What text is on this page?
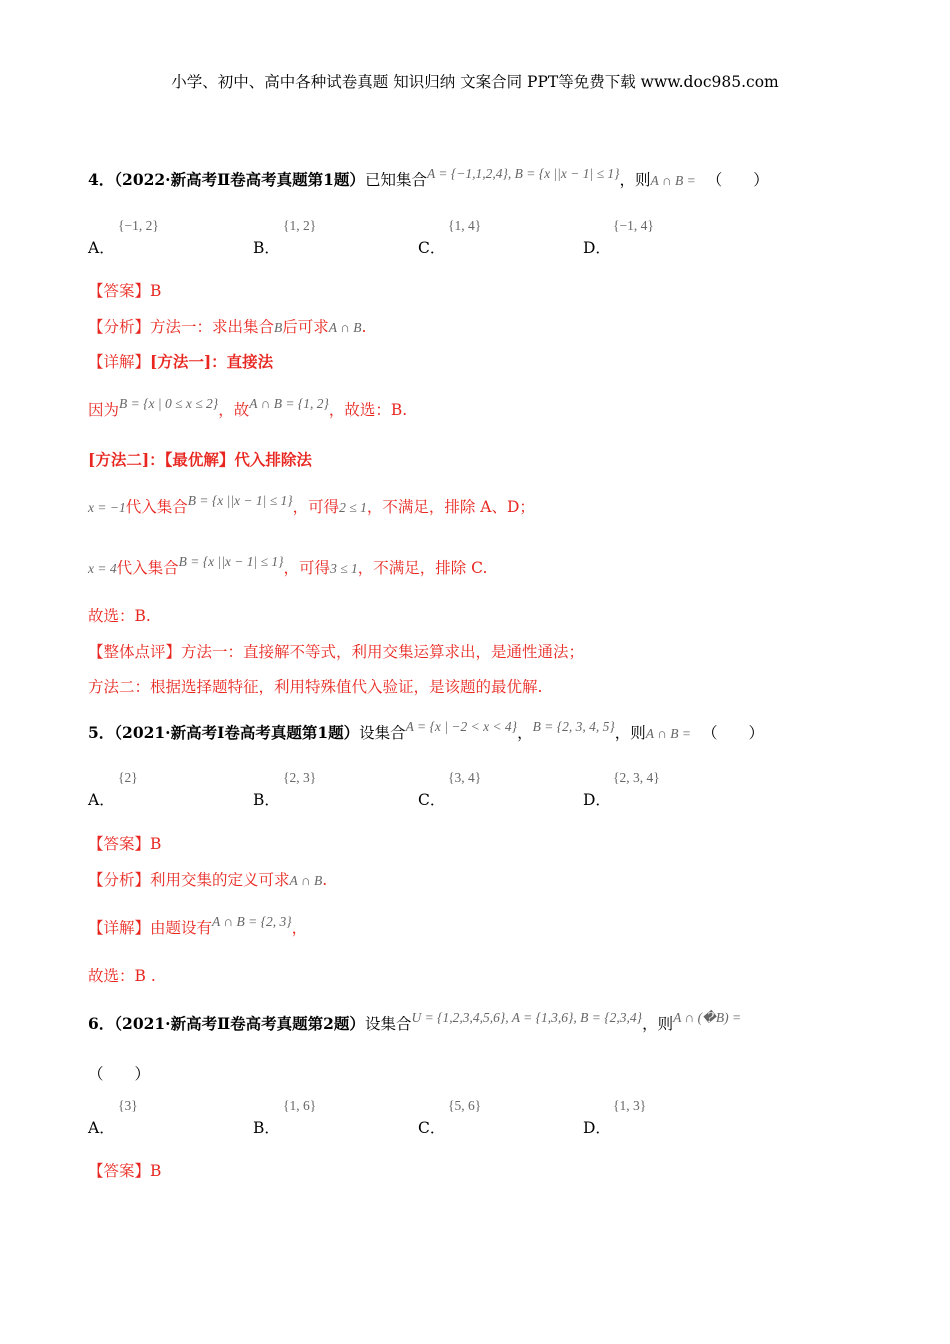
小学、初中、高中各种试卷真题 知识归纳 文案合同 PPT等免费下载 www.doc985.com
4．（2022·新高考Ⅱ卷高考真题第1题）已知集合A = {−1,1,2,4}, B = {x ||x − 1| ≤ 1}，则A ∩ B = （　　）
A．
{−1, 2}
B．
{1, 2}
C．
{1, 4}
D．
{−1, 4}
【答案】B
【分析】方法一：求出集合B后可求A ∩ B.
【详解】[方法一]：直接法
因为B = {x | 0 ≤ x ≤ 2}，故A ∩ B = {1, 2}，故选：B.
[方法二]：【最优解】代入排除法
x = −1代入集合B = {x ||x − 1| ≤ 1}，可得2 ≤ 1，不满足，排除 A、D；
x = 4代入集合B = {x ||x − 1| ≤ 1}，可得3 ≤ 1，不满足，排除 C.
故选：B.
【整体点评】方法一：直接解不等式，利用交集运算求出，是通性通法；
方法二：根据选择题特征，利用特殊值代入验证，是该题的最优解.
5．（2021·新高考Ⅰ卷高考真题第1题）设集合A = {x | −2 < x < 4}，B = {2, 3, 4, 5}，则A ∩ B = （　　）
A．
{2}
B．
{2, 3}
C．
{3, 4}
D．
{2, 3, 4}
【答案】B
【分析】利用交集的定义可求A ∩ B.
【详解】由题设有A ∩ B = {2, 3}，
故选：B .
6．（2021·新高考Ⅱ卷高考真题第2题）设集合U = {1,2,3,4,5,6}, A = {1,3,6}, B = {2,3,4}，则A ∩ (�B) =
（　　）
A．
{3}
B．
{1, 6}
C．
{5, 6}
D．
{1, 3}
【答案】B
